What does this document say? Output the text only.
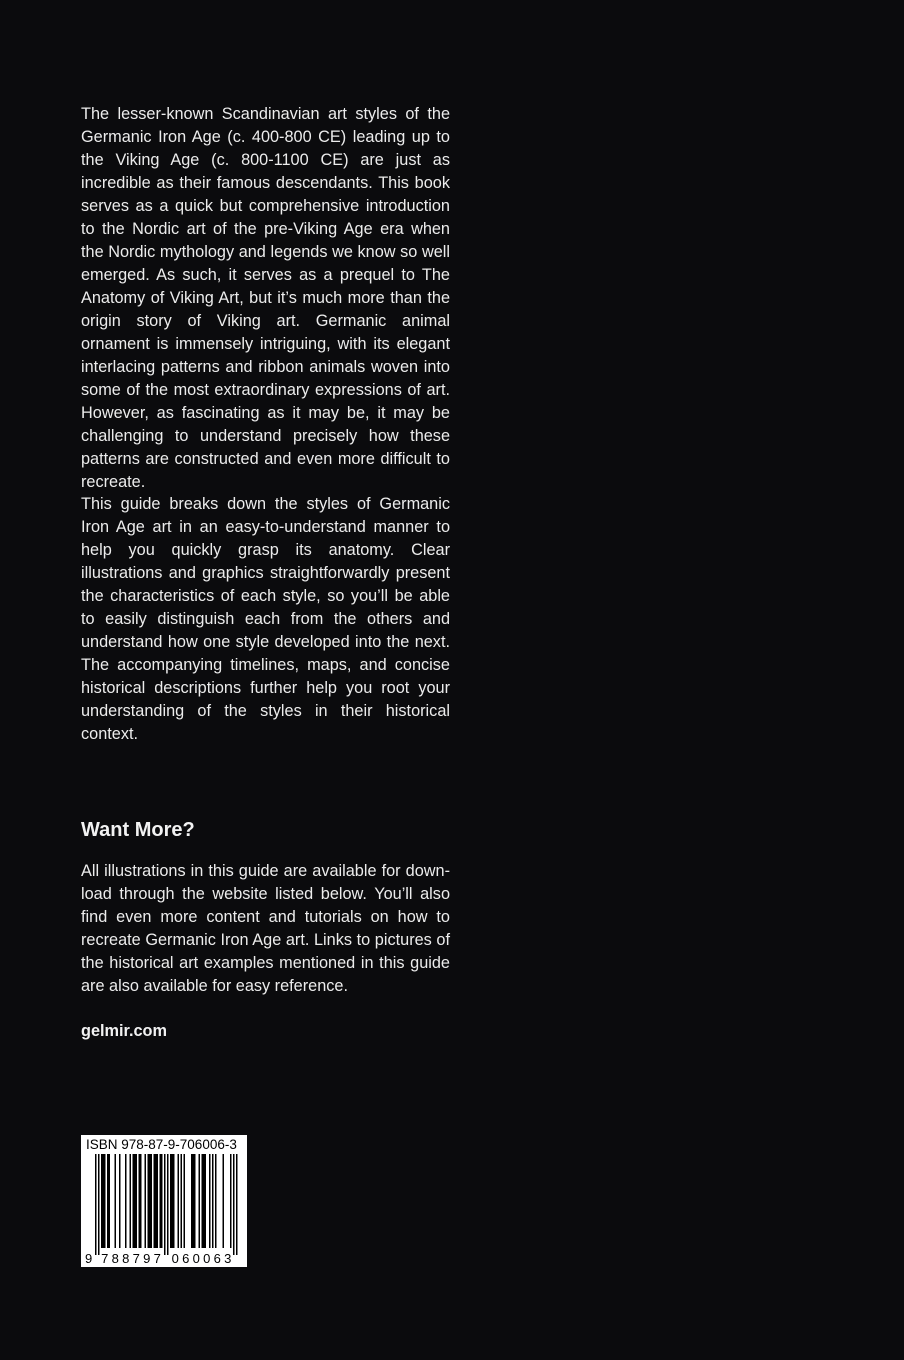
The lesser-known Scandinavian art styles of the Germanic Iron Age (c. 400-800 CE) leading up to the Viking Age (c. 800-1100 CE) are just as incredible as their famous descendants. This book serves as a quick but comprehensive introduction to the Nordic art of the pre-Viking Age era when the Nordic mythology and legends we know so well emerged. As such, it serves as a prequel to The Anatomy of Viking Art, but it’s much more than the origin story of Viking art. Germanic animal ornament is immensely intriguing, with its elegant interlacing patterns and ribbon animals woven into some of the most extraordinary expressions of art. However, as fascinating as it may be, it may be challenging to understand precisely how these patterns are constructed and even more difficult to recreate.

This guide breaks down the styles of Germanic Iron Age art in an easy-to-understand manner to help you quickly grasp its anatomy. Clear illustrations and graphics straightforwardly present the characteristics of each style, so you’ll be able to easily distinguish each from the others and understand how one style developed into the next. The accompanying timelines, maps, and concise historical descriptions further help you root your understanding of the styles in their historical context.

Want More?

All illustrations in this guide are available for download through the website listed below. You’ll also find even more content and tutorials on how to recreate Germanic Iron Age art. Links to pictures of the historical art examples mentioned in this guide are also available for easy reference.

gelmir.com
9 7 8 8 7 9 7 0 6 0 0 6 3
ISBN 978-87-9-706006-3
